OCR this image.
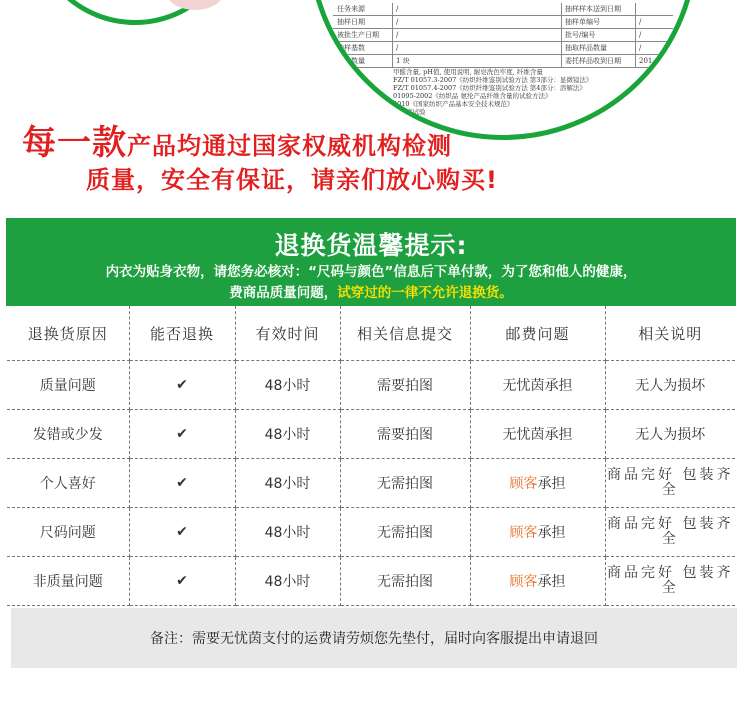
任务来源	/	抽样样本送到日期
抽样日期	/	抽样单编号	/
被批生产日期	/	批号/编号	/
抽样基数	/	抽取样品数量	/
样品数量	1 块	委托样品收到日期	201
甲醛含量, pH值, 使用说明, 耐皂洗色牢度, 纤维含量
FZ/T 01057.3-2007《纺织纤维鉴别试验方法 第3部分：显微镜法》
FZ/T 01057.4-2007《纺织纤维鉴别试验方法 第4部分：溶解法》
01095-2002《纺织品 氨纶产品纤维含量的试验方法》
2010《国家纺织产品基本安全技术规范》
色牢度试验
每一款产品均通过国家权威机构检测
质量，安全有保证，请亲们放心购买!
退换货温馨提示:
内衣为贴身衣物，请您务必核对：“尺码与颜色”信息后下单付款，为了您和他人的健康，
费商品质量问题，试穿过的一律不允许退换货。
退换货原因	能否退换	有效时间	相关信息提交	邮费问题	相关说明
质量问题	✔	48小时	需要拍图	无忧茵承担	无人为损坏
发错或少发	✔	48小时	需要拍图	无忧茵承担	无人为损坏
个人喜好	✔	48小时	无需拍图	顾客承担	商品完好 包装齐全
尺码问题	✔	48小时	无需拍图	顾客承担	商品完好 包装齐全
非质量问题	✔	48小时	无需拍图	顾客承担	商品完好 包装齐全
备注：需要无忧茵支付的运费请劳烦您先垫付，届时向客服提出申请退回
